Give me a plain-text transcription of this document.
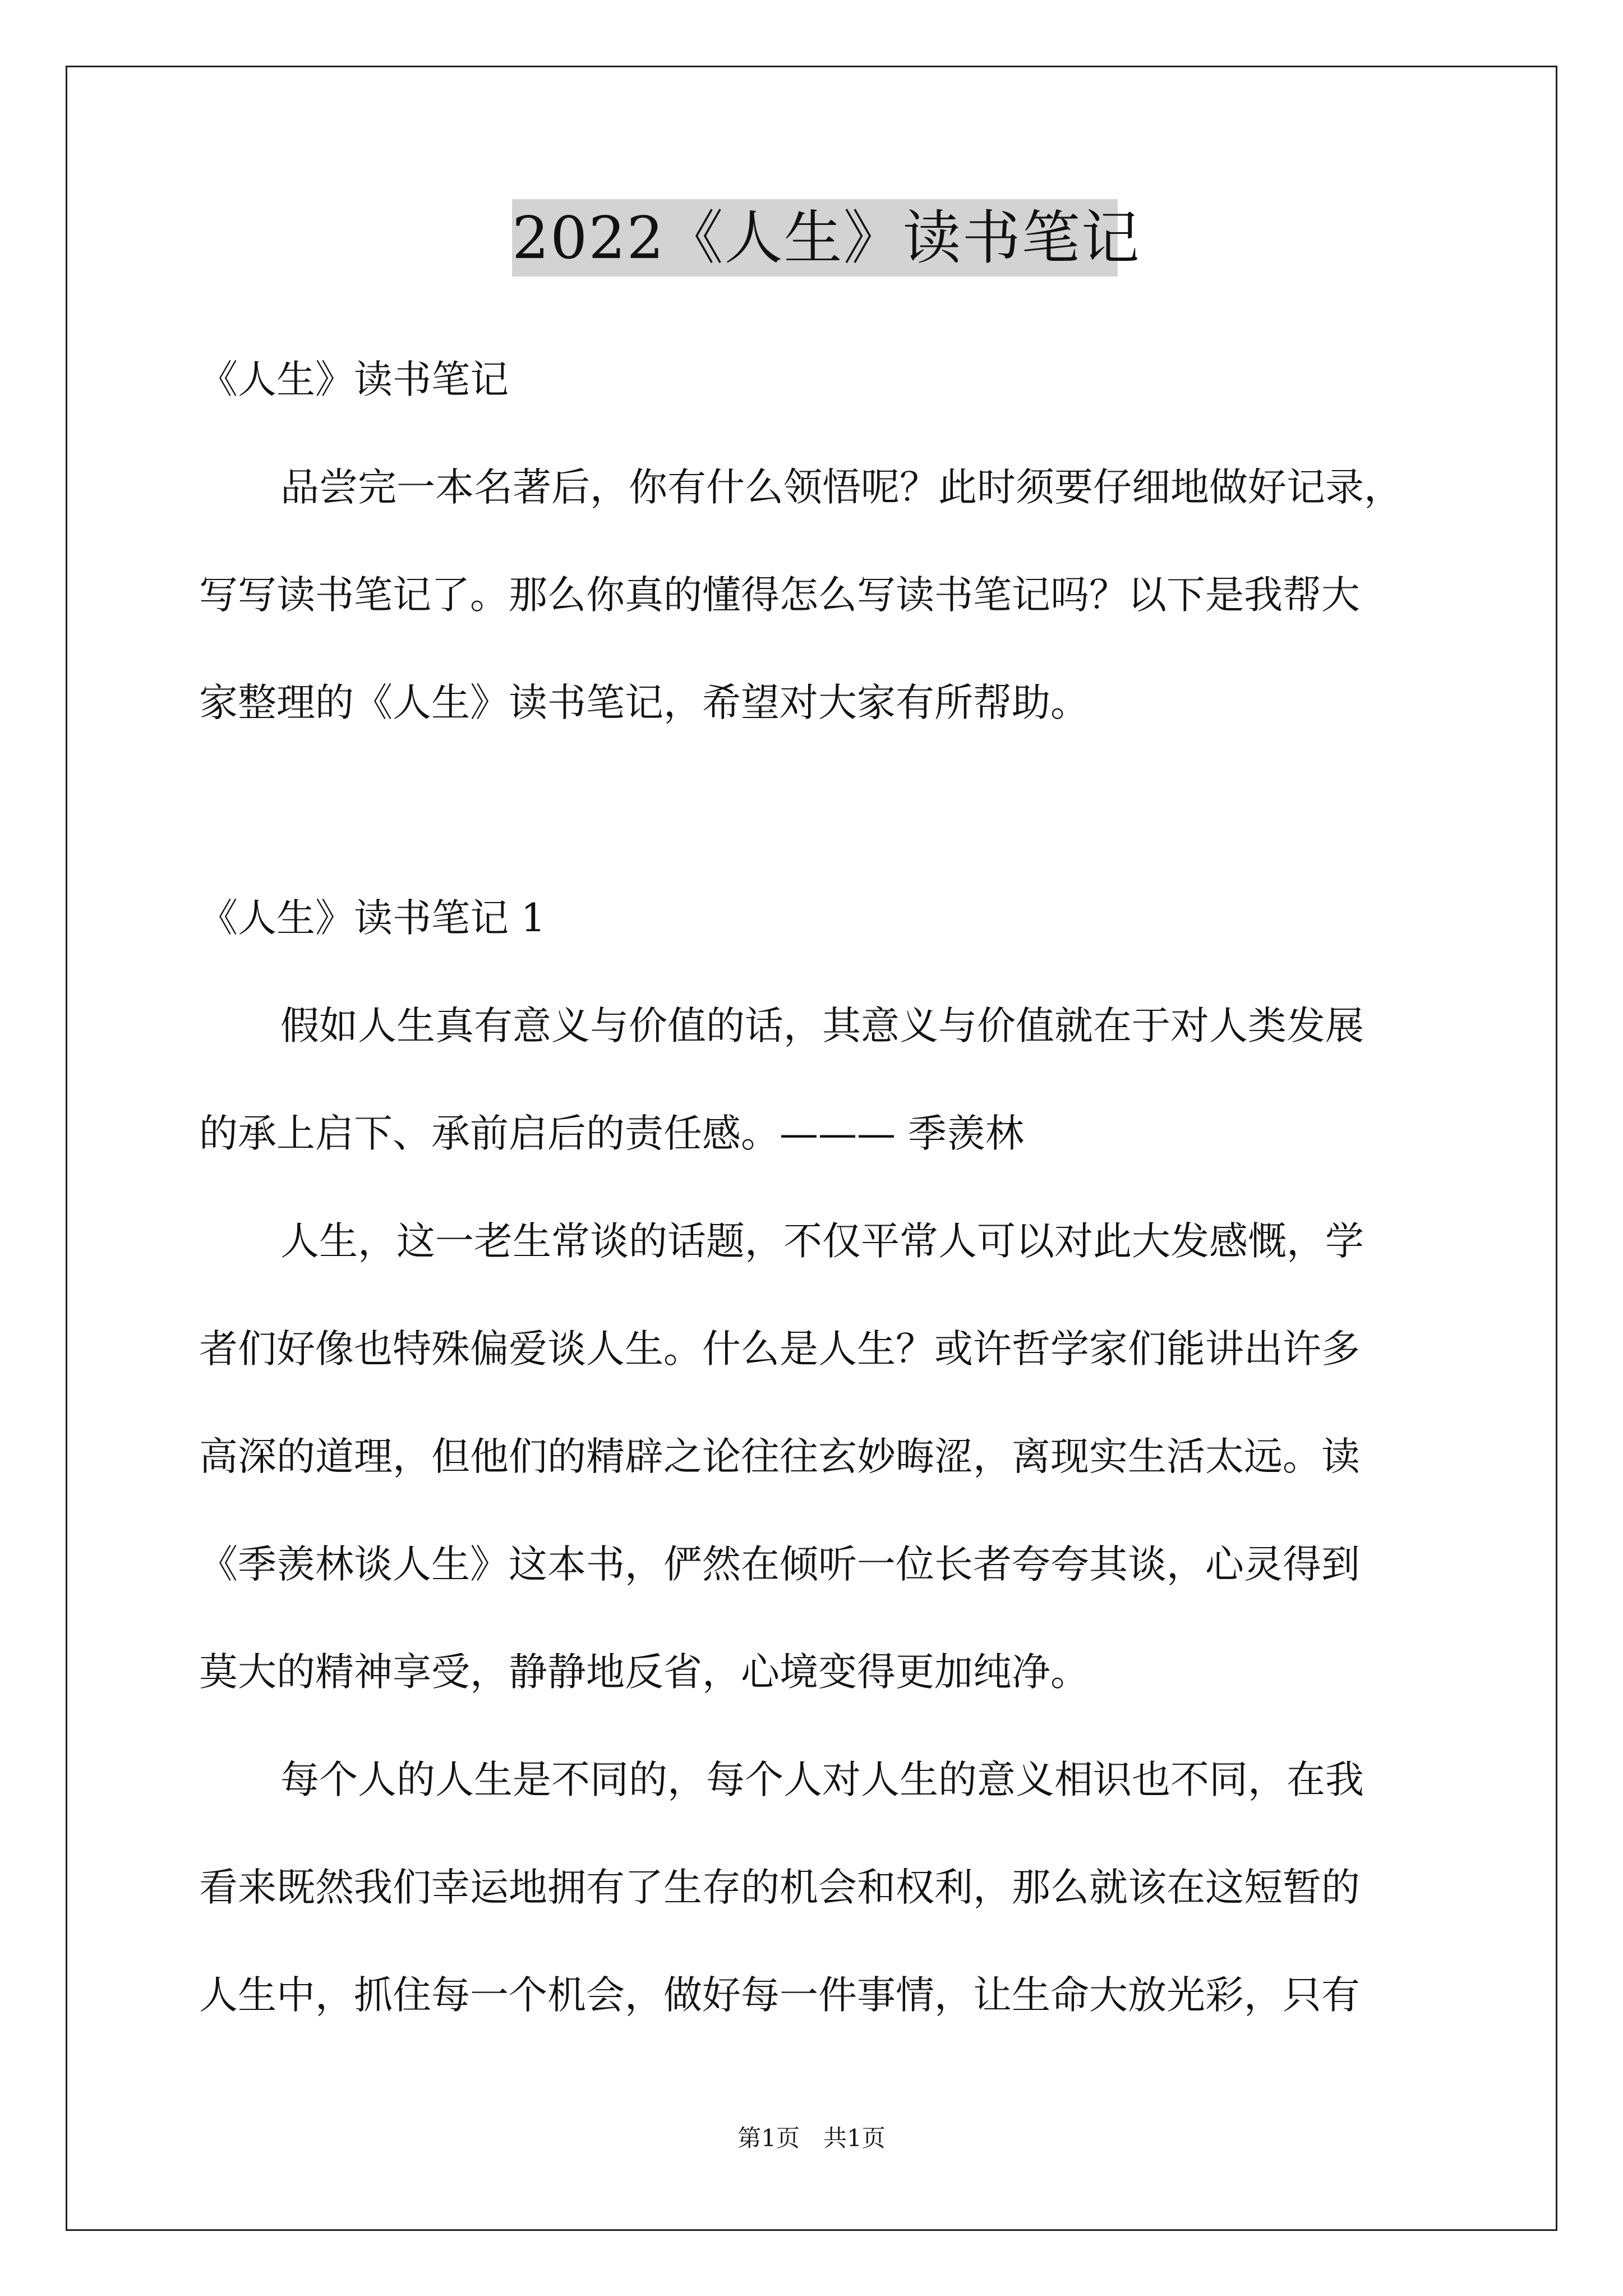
2022《人生》读书笔记

《人生》读书笔记

品尝完一本名著后，你有什么领悟呢？此时须要仔细地做好记录，

写写读书笔记了。那么你真的懂得怎么写读书笔记吗？以下是我帮大

家整理的《人生》读书笔记，希望对大家有所帮助。

《人生》读书笔记 1

假如人生真有意义与价值的话，其意义与价值就在于对人类发展

的承上启下、承前启后的责任感。——— 季羡林

人生，这一老生常谈的话题，不仅平常人可以对此大发感慨，学

者们好像也特殊偏爱谈人生。什么是人生？或许哲学家们能讲出许多

高深的道理，但他们的精辟之论往往玄妙晦涩，离现实生活太远。读

《季羡林谈人生》这本书，俨然在倾听一位长者夸夸其谈，心灵得到

莫大的精神享受，静静地反省，心境变得更加纯净。

每个人的人生是不同的，每个人对人生的意义相识也不同，在我

看来既然我们幸运地拥有了生存的机会和权利，那么就该在这短暂的

人生中，抓住每一个机会，做好每一件事情，让生命大放光彩，只有

第1页　共1页
